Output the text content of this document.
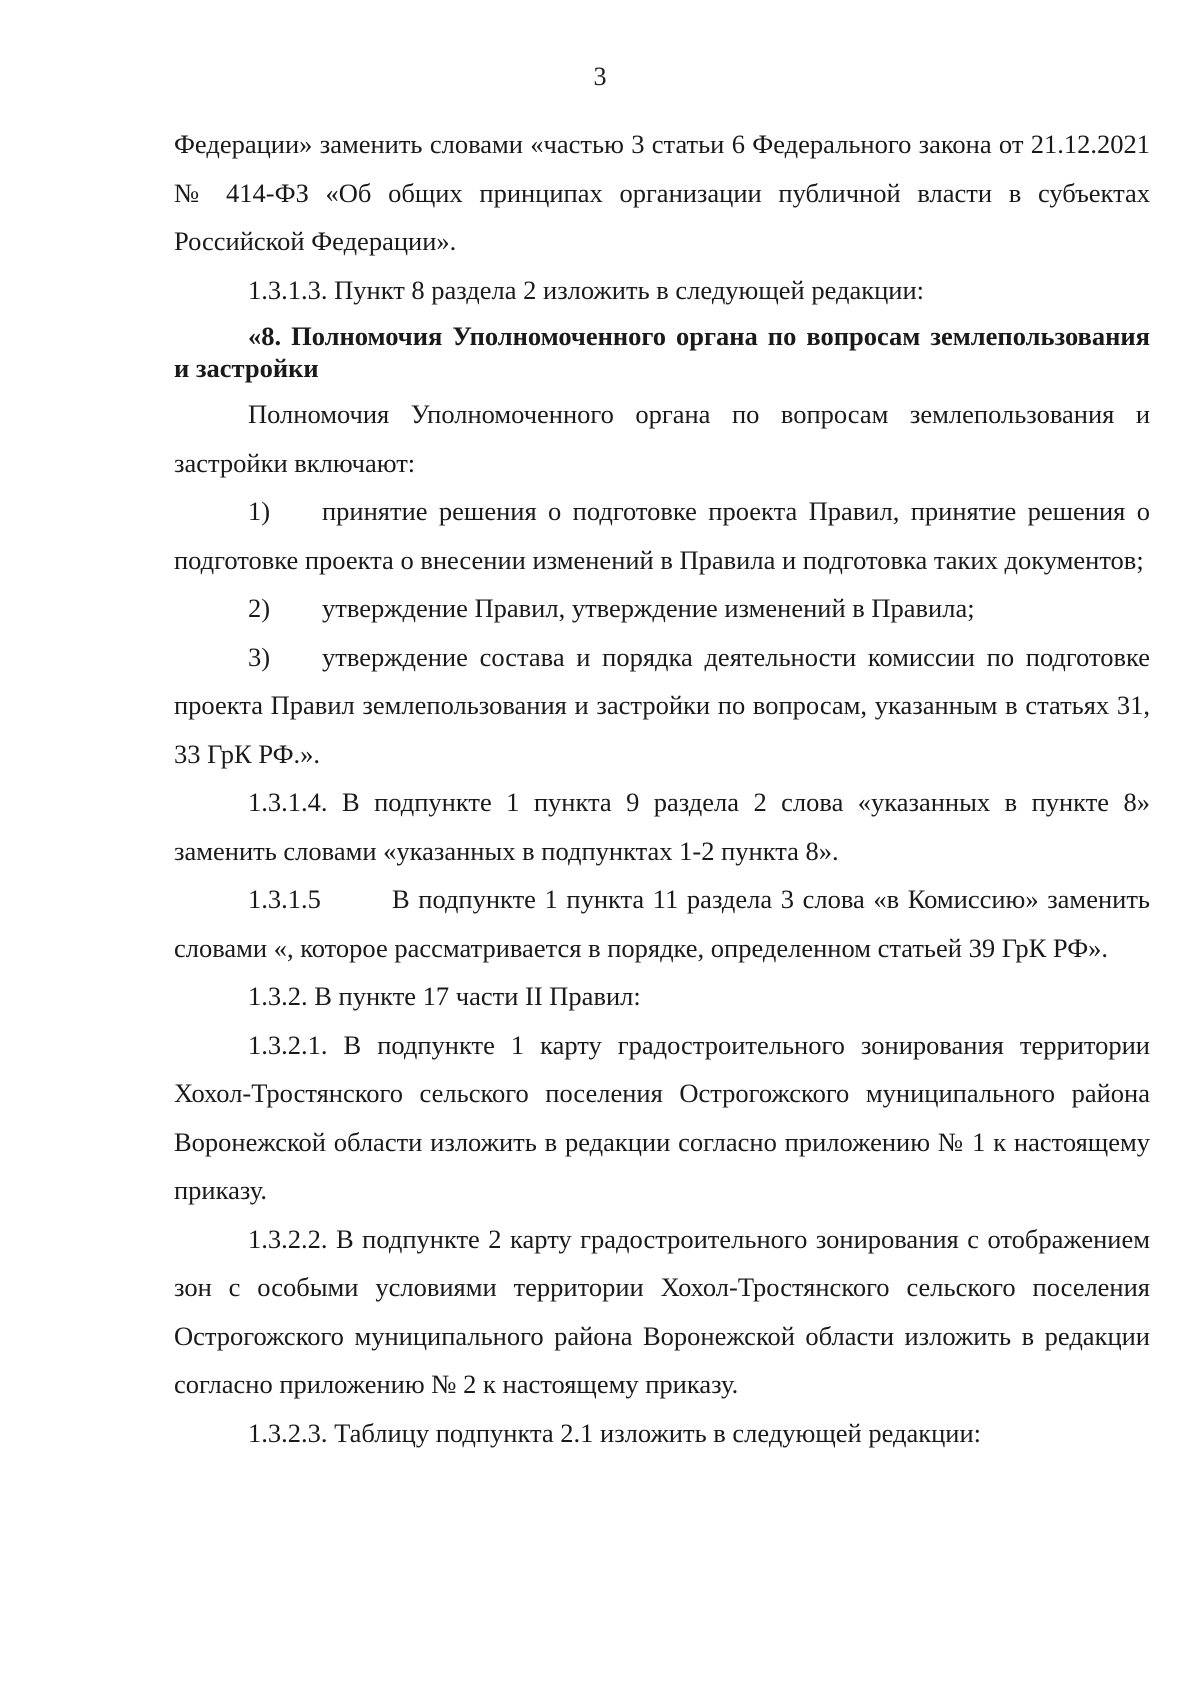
3

Федерации» заменить словами «частью 3 статьи 6 Федерального закона от 21.12.2021 № 414-ФЗ «Об общих принципах организации публичной власти в субъектах Российской Федерации».

1.3.1.3. Пункт 8 раздела 2 изложить в следующей редакции:

«8. Полномочия Уполномоченного органа по вопросам землепользования и застройки

Полномочия Уполномоченного органа по вопросам землепользования и застройки включают:

1) принятие решения о подготовке проекта Правил, принятие решения о подготовке проекта о внесении изменений в Правила и подготовка таких документов;

2) утверждение Правил, утверждение изменений в Правила;

3) утверждение состава и порядка деятельности комиссии по подготовке проекта Правил землепользования и застройки по вопросам, указанным в статьях 31, 33 ГрК РФ.».

1.3.1.4. В подпункте 1 пункта 9 раздела 2 слова «указанных в пункте 8» заменить словами «указанных в подпунктах 1-2 пункта 8».

1.3.1.5	В подпункте 1 пункта 11 раздела 3 слова «в Комиссию» заменить словами «, которое рассматривается в порядке, определенном статьей 39 ГрК РФ».

1.3.2. В пункте 17 части II Правил:

1.3.2.1. В подпункте 1 карту градостроительного зонирования территории Хохол-Тростянского сельского поселения Острогожского муниципального района Воронежской области изложить в редакции согласно приложению № 1 к настоящему приказу.

1.3.2.2. В подпункте 2 карту градостроительного зонирования с отображением зон с особыми условиями территории Хохол-Тростянского сельского поселения Острогожского муниципального района Воронежской области изложить в редакции согласно приложению № 2 к настоящему приказу.

1.3.2.3. Таблицу подпункта 2.1 изложить в следующей редакции:
